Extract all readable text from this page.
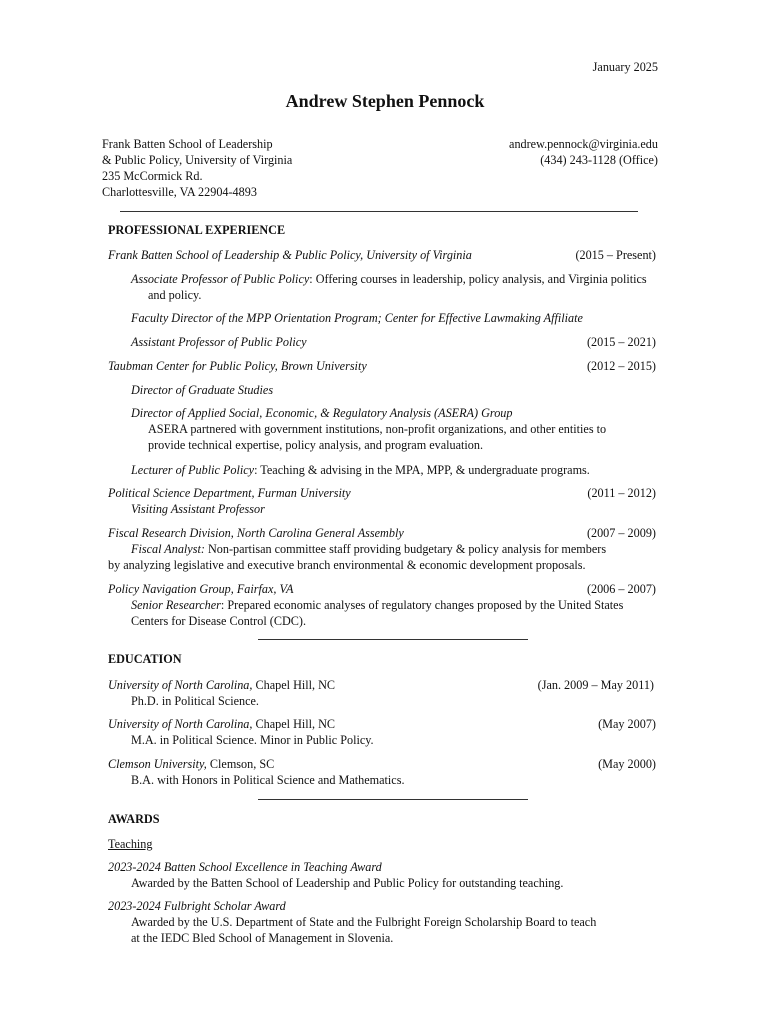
January 2025
Andrew Stephen Pennock
Frank Batten School of Leadership
& Public Policy, University of Virginia
235 McCormick Rd.
Charlottesville, VA 22904-4893
andrew.pennock@virginia.edu
(434) 243-1128 (Office)
PROFESSIONAL EXPERIENCE
Frank Batten School of Leadership & Public Policy, University of Virginia	(2015 – Present)
Associate Professor of Public Policy: Offering courses in leadership, policy analysis, and Virginia politics
and policy.
Faculty Director of the MPP Orientation Program; Center for Effective Lawmaking Affiliate
Assistant Professor of Public Policy	(2015 – 2021)
Taubman Center for Public Policy, Brown University	(2012 – 2015)
Director of Graduate Studies
Director of Applied Social, Economic, & Regulatory Analysis (ASERA) Group
ASERA partnered with government institutions, non-profit organizations, and other entities to
provide technical expertise, policy analysis, and program evaluation.
Lecturer of Public Policy: Teaching & advising in the MPA, MPP, & undergraduate programs.
Political Science Department, Furman University	(2011 – 2012)
Visiting Assistant Professor
Fiscal Research Division, North Carolina General Assembly	(2007 – 2009)
Fiscal Analyst: Non-partisan committee staff providing budgetary & policy analysis for members
by analyzing legislative and executive branch environmental & economic development proposals.
Policy Navigation Group, Fairfax, VA	(2006 – 2007)
Senior Researcher: Prepared economic analyses of regulatory changes proposed by the United States
Centers for Disease Control (CDC).
EDUCATION
University of North Carolina, Chapel Hill, NC	(Jan. 2009 – May 2011)
Ph.D. in Political Science.
University of North Carolina, Chapel Hill, NC	(May 2007)
M.A. in Political Science. Minor in Public Policy.
Clemson University, Clemson, SC	(May 2000)
B.A. with Honors in Political Science and Mathematics.
AWARDS
Teaching
2023-2024 Batten School Excellence in Teaching Award
Awarded by the Batten School of Leadership and Public Policy for outstanding teaching.
2023-2024 Fulbright Scholar Award
Awarded by the U.S. Department of State and the Fulbright Foreign Scholarship Board to teach
at the IEDC Bled School of Management in Slovenia.
